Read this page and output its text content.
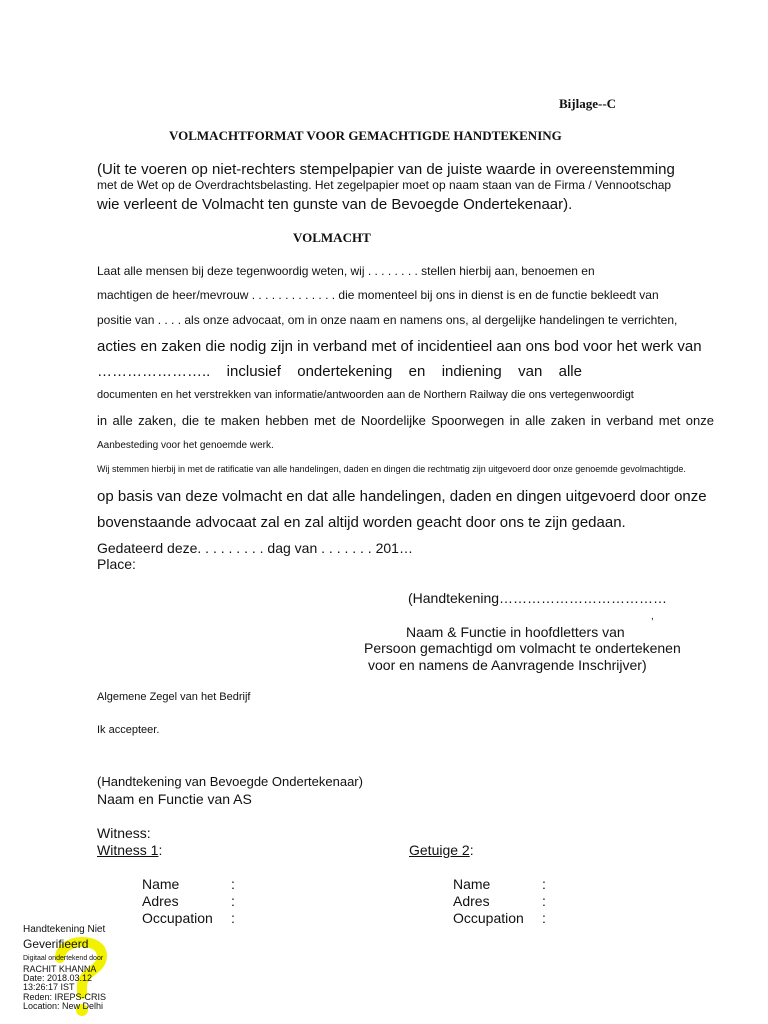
Bijlage--C
VOLMACHTFORMAT VOOR GEMACHTIGDE HANDTEKENING
(Uit te voeren op niet-rechters stempelpapier van de juiste waarde in overeenstemming
met de Wet op de Overdrachtsbelasting. Het zegelpapier moet op naam staan van de Firma / Vennootschap
wie verleent de Volmacht ten gunste van de Bevoegde Ondertekenaar).
VOLMACHT
Laat alle mensen bij deze tegenwoordig weten, wij . . . . . . . . stellen hierbij aan, benoemen en
machtigen de heer/mevrouw . . . . . . . . . . . . . die momenteel bij ons in dienst is en de functie bekleedt van
positie van . . . . als onze advocaat, om in onze naam en namens ons, al dergelijke handelingen te verrichten,
acties en zaken die nodig zijn in verband met of incidentieel aan ons bod voor het werk van
………………….. inclusief ondertekening en indiening van alle
documenten en het verstrekken van informatie/antwoorden aan de Northern Railway die ons vertegenwoordigt
in alle zaken, die te maken hebben met de Noordelijke Spoorwegen in alle zaken in verband met onze
Aanbesteding voor het genoemde werk.
Wij stemmen hierbij in met de ratificatie van alle handelingen, daden en dingen die rechtmatig zijn uitgevoerd door onze genoemde gevolmachtigde.
op basis van deze volmacht en dat alle handelingen, daden en dingen uitgevoerd door onze
bovenstaande advocaat zal en zal altijd worden geacht door ons te zijn gedaan.
Gedateerd deze. . . . . . . . . dag van . . . . . . . 201…
Place:
(Handtekening………………………………
,
Naam & Functie in hoofdletters van
Persoon gemachtigd om volmacht te ondertekenen
voor en namens de Aanvragende Inschrijver)
Algemene Zegel van het Bedrijf
Ik accepteer.
(Handtekening van Bevoegde Ondertekenaar)
Naam en Functie van AS
Witness:
Witness 1:	Getuige 2:
Name	:
Adres	:
Occupation :
Name	:
Adres	:
Occupation :
Handtekening Niet
Geverifieerd
Digitaal ondertekend door
RACHIT KHANNA
Date: 2018.03.12
13:26:17 IST
Reden: IREPS-CRIS
Location: New Delhi
